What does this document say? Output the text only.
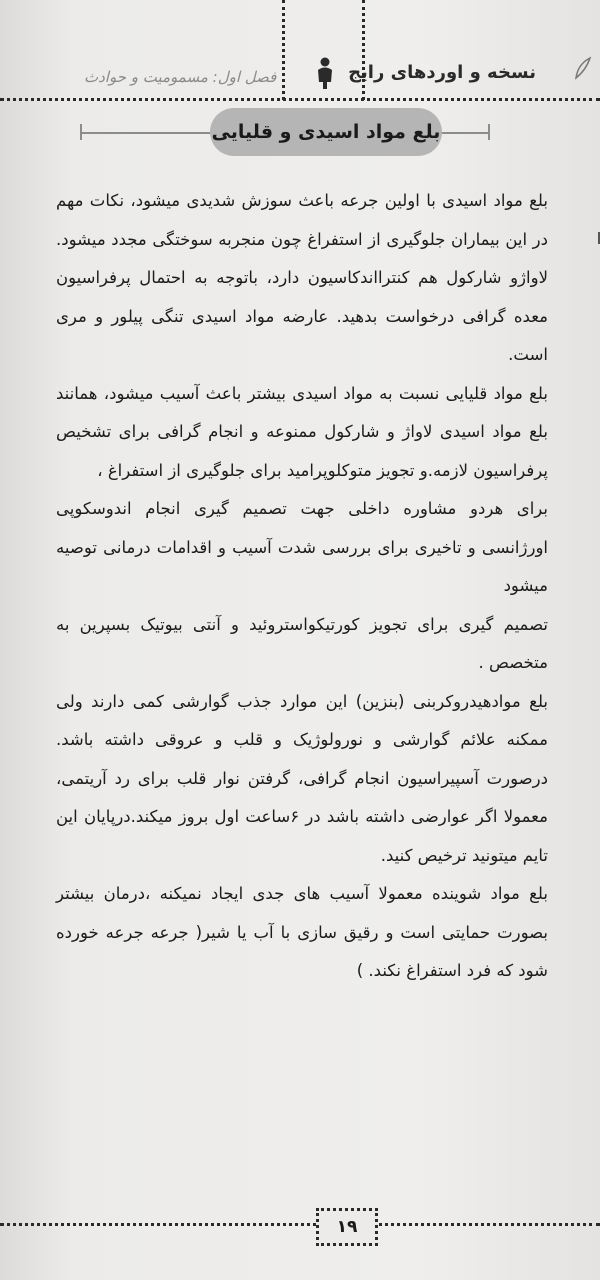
فصل اول: مسمومیت و حوادث	نسخه و اوردهای رایج
بلع مواد اسیدی و قلیایی

بلع مواد اسیدی با اولین جرعه باعث سوزش شدیدی میشود، نکات مهم در این بیماران جلوگیری از استفراغ چون منجربه سوختگی مجدد میشود. لاواژو شارکول هم کنترااندکاسیون دارد، باتوجه به احتمال پرفراسیون معده گرافی درخواست بدهید. عارضه مواد اسیدی تنگی پیلور و مری است.

بلع مواد قلیایی نسبت به مواد اسیدی بیشتر باعث آسیب میشود، همانند بلع مواد اسیدی لاواژ و شارکول ممنوعه و انجام گرافی برای تشخیص پرفراسیون لازمه.و تجویز متوکلوپرامید برای جلوگیری از استفراغ ،

برای هردو مشاوره داخلی جهت تصمیم گیری انجام اندوسکوپی اورژانسی و تاخیری برای بررسی شدت آسیب و اقدامات درمانی توصیه میشود

تصمیم گیری برای تجویز کورتیکواستروئید و آنتی بیوتیک بسپرین به متخصص .

بلع موادهیدروکربنی (بنزین) این موارد جذب گوارشی کمی دارند ولی ممکنه علائم گوارشی و نورولوژیک و قلب و عروقی داشته باشد. درصورت آسپیراسیون انجام گرافی، گرفتن نوار قلب برای رد آریتمی، معمولا اگر عوارضی داشته باشد در ۶ساعت اول بروز میکند.درپایان این تایم میتونید ترخیص کنید.

بلع مواد شوینده معمولا آسیب های جدی ایجاد نمیکنه ،درمان بیشتر بصورت حمایتی است و رقیق سازی با آب یا شیر( جرعه جرعه خورده شود که فرد استفراغ نکند. )

۱۹
